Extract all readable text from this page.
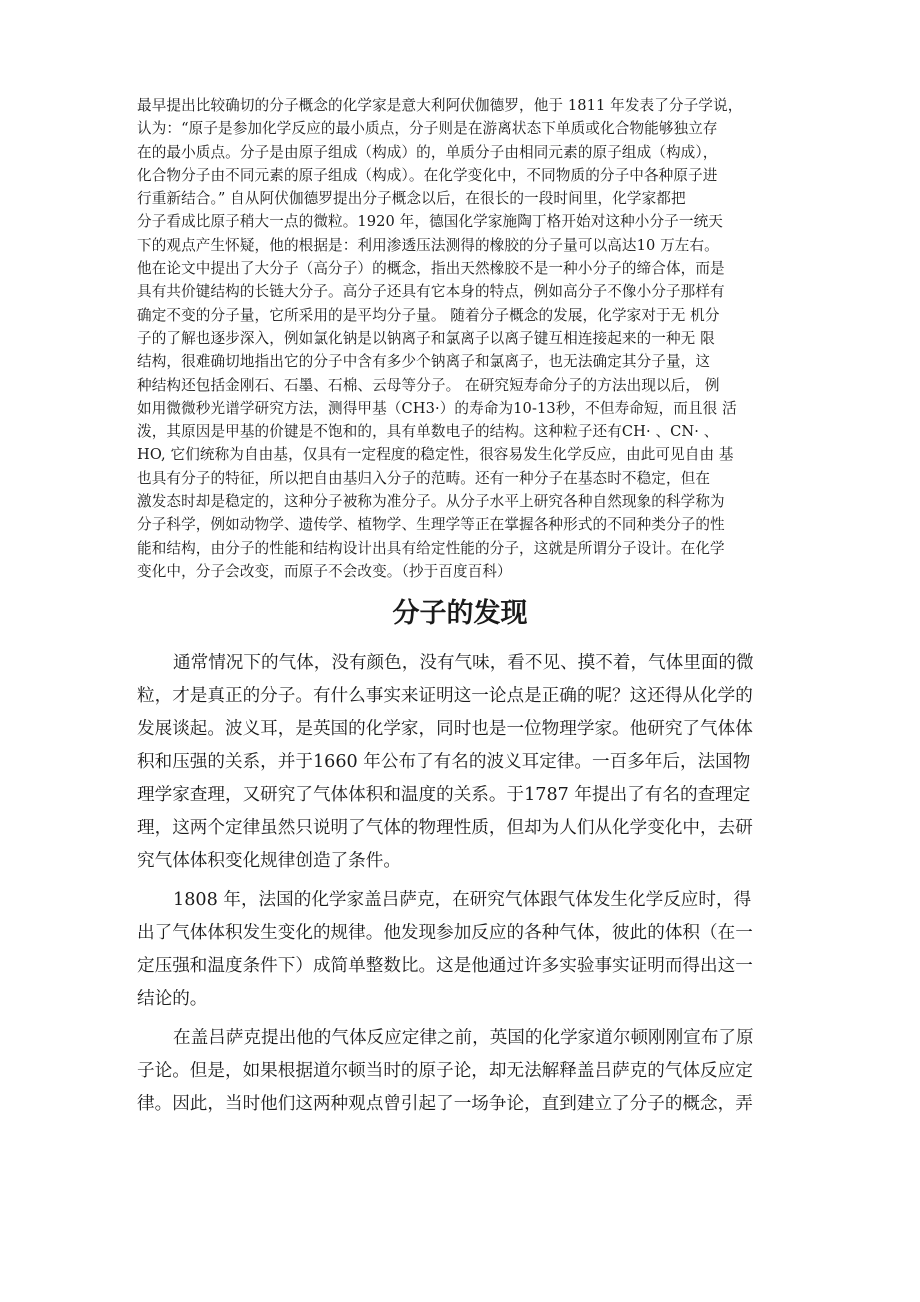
最早提出比较确切的分子概念的化学家是意大利阿伏伽德罗，他于 1811 年发表了分子学说，
认为：“原子是参加化学反应的最小质点，分子则是在游离状态下单质或化合物能够独立存
在的最小质点。分子是由原子组成（构成）的，单质分子由相同元素的原子组成（构成），
化合物分子由不同元素的原子组成（构成）。在化学变化中，不同物质的分子中各种原子进
行重新结合。” 自从阿伏伽德罗提出分子概念以后，在很长的一段时间里，化学家都把
分子看成比原子稍大一点的微粒。1920 年，德国化学家施陶丁格开始对这种小分子一统天
下的观点产生怀疑，他的根据是：利用渗透压法测得的橡胶的分子量可以高达10 万左右。
他在论文中提出了大分子（高分子）的概念，指出天然橡胶不是一种小分子的缔合体，而是
具有共价键结构的长链大分子。高分子还具有它本身的特点，例如高分子不像小分子那样有
确定不变的分子量，它所采用的是平均分子量。 随着分子概念的发展，化学家对于无 机分
子的了解也逐步深入，例如氯化钠是以钠离子和氯离子以离子键互相连接起来的一种无 限
结构，很难确切地指出它的分子中含有多少个钠离子和氯离子，也无法确定其分子量，这
种结构还包括金刚石、石墨、石棉、云母等分子。 在研究短寿命分子的方法出现以后， 例
如用微微秒光谱学研究方法，测得甲基（CH3·）的寿命为10-13秒，不但寿命短，而且很 活
泼，其原因是甲基的价键是不饱和的，具有单数电子的结构。这种粒子还有CH· 、CN· 、
HO, 它们统称为自由基，仅具有一定程度的稳定性，很容易发生化学反应，由此可见自由 基
也具有分子的特征，所以把自由基归入分子的范畴。还有一种分子在基态时不稳定，但在
激发态时却是稳定的，这种分子被称为准分子。从分子水平上研究各种自然现象的科学称为
分子科学，例如动物学、遗传学、植物学、生理学等正在掌握各种形式的不同种类分子的性
能和结构，由分子的性能和结构设计出具有给定性能的分子，这就是所谓分子设计。在化学
变化中，分子会改变，而原子不会改变。（抄于百度百科）
分子的发现
通常情况下的气体，没有颜色，没有气味，看不见、摸不着，气体里面的微
粒，才是真正的分子。有什么事实来证明这一论点是正确的呢？这还得从化学的
发展谈起。波义耳，是英国的化学家，同时也是一位物理学家。他研究了气体体
积和压强的关系，并于1660 年公布了有名的波义耳定律。一百多年后，法国物
理学家查理，又研究了气体体积和温度的关系。于1787 年提出了有名的查理定
理，这两个定律虽然只说明了气体的物理性质，但却为人们从化学变化中，去研
究气体体积变化规律创造了条件。
1808 年，法国的化学家盖吕萨克，在研究气体跟气体发生化学反应时，得
出了气体体积发生变化的规律。他发现参加反应的各种气体，彼此的体积（在一
定压强和温度条件下）成简单整数比。这是他通过许多实验事实证明而得出这一
结论的。
在盖吕萨克提出他的气体反应定律之前，英国的化学家道尔顿刚刚宣布了原
子论。但是，如果根据道尔顿当时的原子论，却无法解释盖吕萨克的气体反应定
律。因此，当时他们这两种观点曾引起了一场争论，直到建立了分子的概念，弄
